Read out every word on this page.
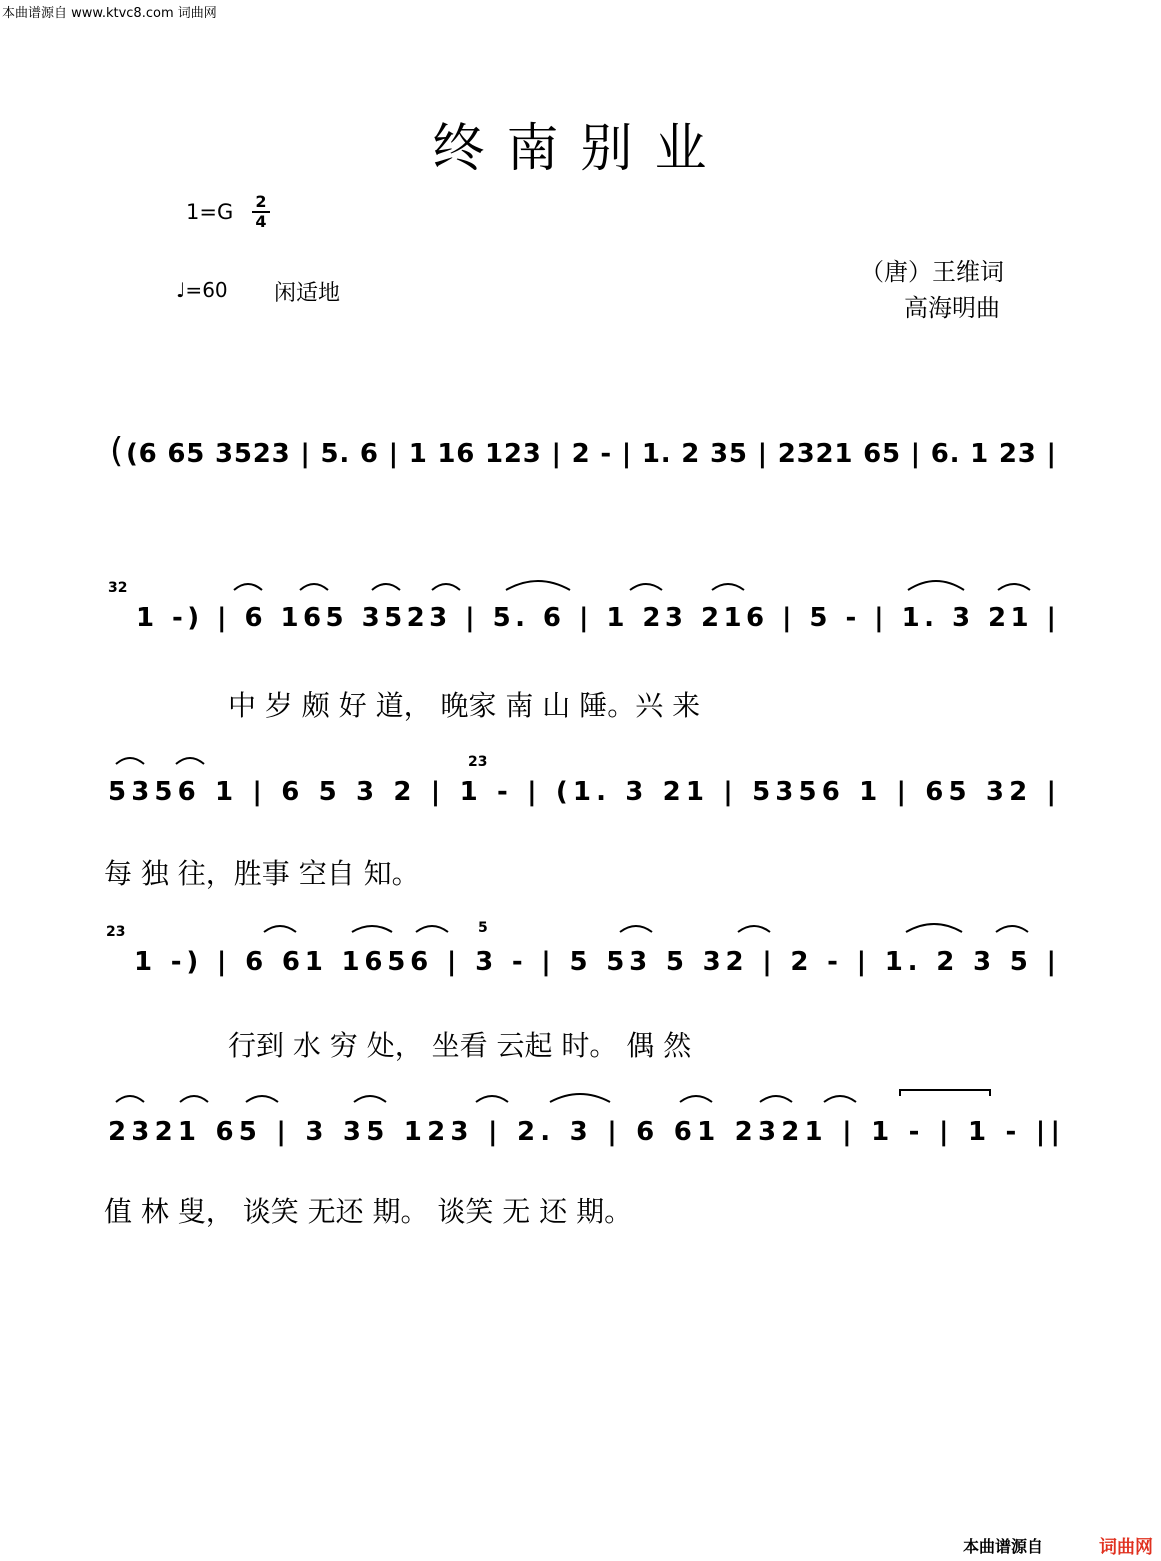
本曲谱源自 www.ktvc8.com 词曲网
终南别业
1=G 2
4
♩=60 闲适地
（唐）王维词
高海明曲
( (6 65 3523 | 5. 6 | 1 16 123 | 2 - | 1. 2 35 | 2321 65 | 6. 1 23 |
32
1 -) | 6 165 3523 | 5. 6 | 1 23 216 | 5 - | 1. 3 21 |
23
5356 1 | 6 5 3 2 | 1 - | (1. 3 21 | 5356 1 | 65 32 |
23	5
1 -) | 6 61 1656 | 3 - | 5 53 5 32 | 2 - | 1. 2 3 5 |
2321 65 | 3 35 123 | 2. 3 | 6 61 2321 | 1 - | 1 - ||
中 岁 颇 好 道， 晚家 南 山 陲。兴 来
每 独 往，胜事 空自 知。
行到 水 穷 处， 坐看 云起 时。 偶 然
值 林 叟， 谈笑 无还 期。 谈笑 无 还 期。
本曲谱源自	词曲网
